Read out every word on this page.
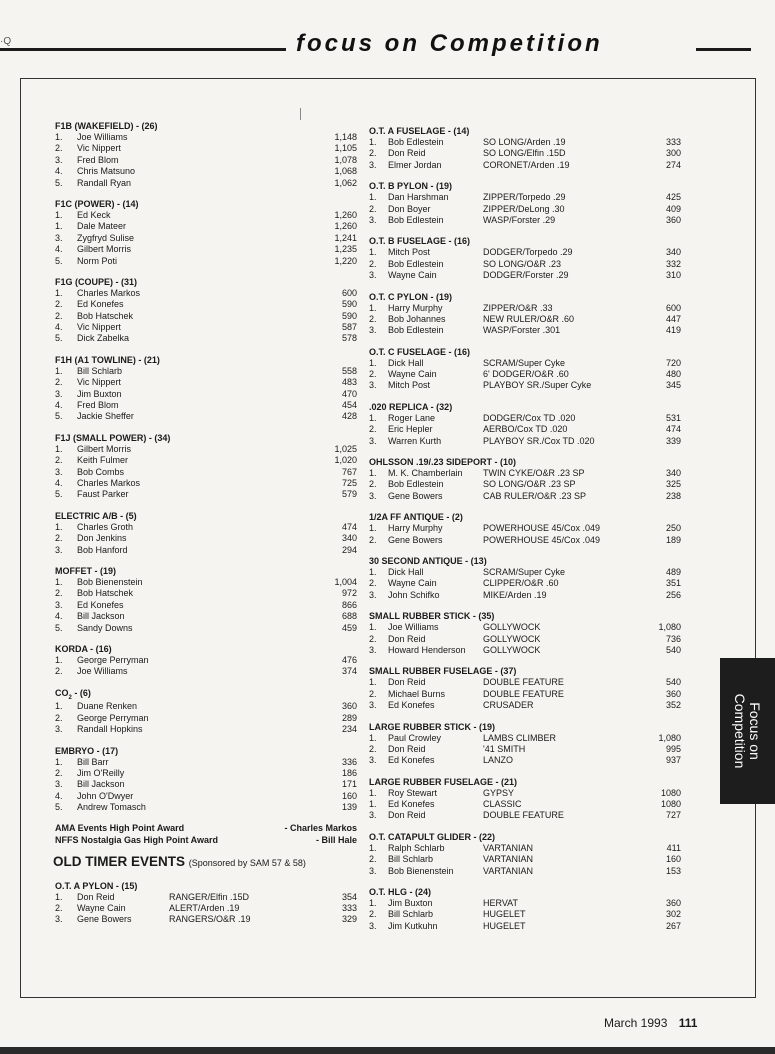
·Q	focus on Competition
F1B (WAKEFIELD) - (26)
1. Joe Williams	1,148
2. Vic Nippert	1,105
3. Fred Blom	1,078
4. Chris Matsuno	1,068
5. Randall Ryan	1,062
F1C (POWER) - (14)
1. Ed Keck	1,260
1. Dale Mateer	1,260
3. Zygfryd Sulise	1,241
4. Gilbert Morris	1,235
5. Norm Poti	1,220
F1G (COUPE) - (31)
1. Charles Markos	600
2. Ed Konefes	590
2. Bob Hatschek	590
4. Vic Nippert	587
5. Dick Zabelka	578
F1H (A1 TOWLINE) - (21)
1. Bill Schlarb	558
2. Vic Nippert	483
3. Jim Buxton	470
4. Fred Blom	454
5. Jackie Sheffer	428
F1J (SMALL POWER) - (34)
1. Gilbert Morris	1,025
2. Keith Fulmer	1,020
3. Bob Combs	767
4. Charles Markos	725
5. Faust Parker	579
ELECTRIC A/B - (5)
1. Charles Groth	474
2. Don Jenkins	340
3. Bob Hanford	294
MOFFET - (19)
1. Bob Bienenstein	1,004
2. Bob Hatschek	972
3. Ed Konefes	866
4. Bill Jackson	688
5. Sandy Downs	459
KORDA - (16)
1. George Perryman	476
2. Joe Williams	374
$CO_2 - (6)$
1. Duane Renken	360
2. George Perryman	289
3. Randall Hopkins	234
EMBRYO - (17)
1. Bill Barr	336
2. Jim O'Reilly	186
3. Bill Jackson	171
4. John O'Dwyer	160
5. Andrew Tomasch	139
AMA Events High Point Award	- Charles Markos
NFFS Nostalgia Gas High Point Award	- Bill Hale
OLD TIMER EVENTS (Sponsored by SAM 57 & 58)
O.T. A PYLON - (15)
1. Don Reid	RANGER/Elfin .15D	354
2. Wayne Cain	ALERT/Arden .19	333
3. Gene Bowers	RANGERS/O&R .19	329
O.T. A FUSELAGE - (14)
1. Bob Edlestein	SO LONG/Arden .19	333
2. Don Reid	SO LONG/Elfin .15D	300
3. Elmer Jordan	CORONET/Arden .19	274
O.T. B PYLON - (19)
1. Dan Harshman	ZIPPER/Torpedo .29	425
2. Don Boyer	ZIPPER/DeLong .30	409
3. Bob Edlestein	WASP/Forster .29	360
O.T. B FUSELAGE - (16)
1. Mitch Post	DODGER/Torpedo .29	340
2. Bob Edlestein	SO LONG/O&R .23	332
3. Wayne Cain	DODGER/Forster .29	310
O.T. C PYLON - (19)
1. Harry Murphy	ZIPPER/O&R .33	600
2. Bob Johannes	NEW RULER/O&R .60	447
3. Bob Edlestein	WASP/Forster .301	419
O.T. C FUSELAGE - (16)
1. Dick Hall	SCRAM/Super Cyke	720
2. Wayne Cain	6' DODGER/O&R .60	480
3. Mitch Post	PLAYBOY SR./Super Cyke	345
.020 REPLICA - (32)
1. Roger Lane	DODGER/Cox TD .020	531
2. Eric Hepler	AERBO/Cox TD .020	474
3. Warren Kurth	PLAYBOY SR./Cox TD .020	339
OHLSSON .19/.23 SIDEPORT - (10)
1. M. K. Chamberlain TWIN CYKE/O&R .23 SP	340
2. Bob Edlestein	SO LONG/O&R .23 SP	325
3. Gene Bowers	CAB RULER/O&R .23 SP	238
1/2A FF ANTIQUE - (2)
1. Harry Murphy	POWERHOUSE 45/Cox .049	250
2. Gene Bowers	POWERHOUSE 45/Cox .049	189
30 SECOND ANTIQUE - (13)
1. Dick Hall	SCRAM/Super Cyke	489
2. Wayne Cain	CLIPPER/O&R .60	351
3. John Schifko	MIKE/Arden .19	256
SMALL RUBBER STICK - (35)
1. Joe Williams	GOLLYWOCK	1,080
2. Don Reid	GOLLYWOCK	736
3. Howard Henderson GOLLYWOCK	540
SMALL RUBBER FUSELAGE - (37)
1. Don Reid	DOUBLE FEATURE	540
2. Michael Burns	DOUBLE FEATURE	360
3. Ed Konefes	CRUSADER	352
LARGE RUBBER STICK - (19)
1. Paul Crowley	LAMBS CLIMBER	1,080
2. Don Reid	'41 SMITH	995
3. Ed Konefes	LANZO	937
LARGE RUBBER FUSELAGE - (21)
1. Roy Stewart	GYPSY	1080
1. Ed Konefes	CLASSIC	1080
3. Don Reid	DOUBLE FEATURE	727
O.T. CATAPULT GLIDER - (22)
1. Ralph Schlarb	VARTANIAN	411
2. Bill Schlarb	VARTANIAN	160
3. Bob Bienenstein	VARTANIAN	153
O.T. HLG - (24)
1. Jim Buxton	HERVAT	360
2. Bill Schlarb	HUGELET	302
3. Jim Kutkuhn	HUGELET	267
Focus on
Competition
March 1993 111
